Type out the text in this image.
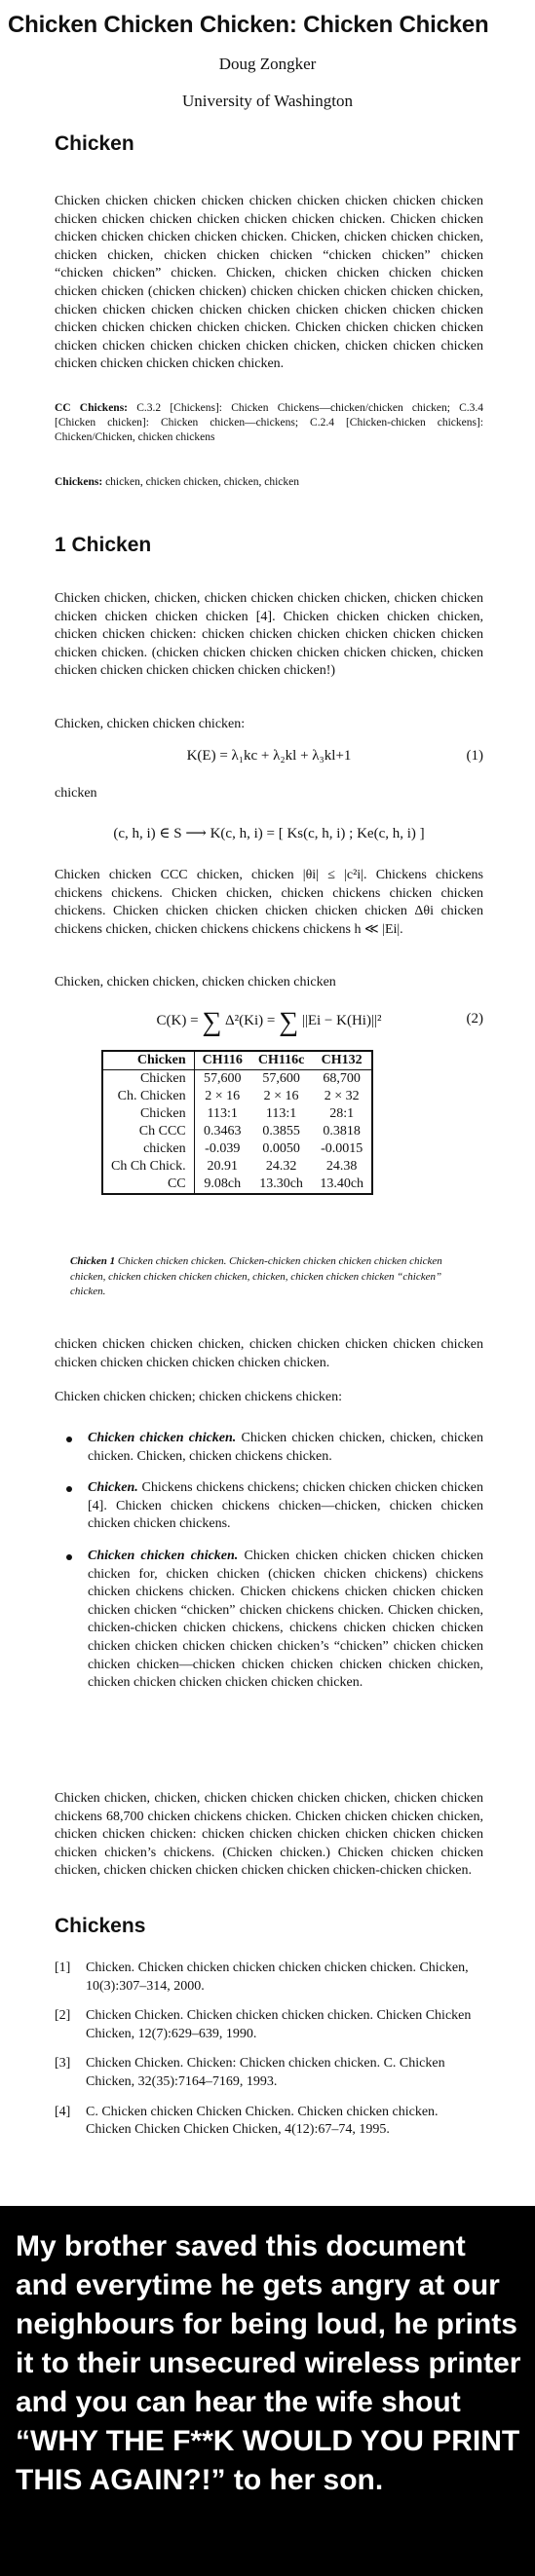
Chicken Chicken Chicken: Chicken Chicken
Doug Zongker
University of Washington
Chicken
Chicken chicken chicken chicken chicken chicken chicken chicken chicken chicken chicken chicken chicken chicken chicken chicken. Chicken chicken chicken chicken chicken chicken chicken. Chicken, chicken chicken chicken, chicken chicken, chicken chicken chicken “chicken chicken” chicken “chicken chicken” chicken. Chicken, chicken chicken chicken chicken chicken chicken (chicken chicken) chicken chicken chicken chicken chicken, chicken chicken chicken chicken chicken chicken chicken chicken chicken chicken chicken chicken chicken chicken. Chicken chicken chicken chicken chicken chicken chicken chicken chicken chicken, chicken chicken chicken chicken chicken chicken chicken chicken.
CC Chickens: C.3.2 [Chickens]: Chicken Chickens—chicken/chicken chicken; C.3.4 [Chicken chicken]: Chicken chicken—chickens; C.2.4 [Chicken-chicken chickens]: Chicken/Chicken, chicken chickens
Chickens: chicken, chicken chicken, chicken, chicken
1 Chicken
Chicken chicken, chicken, chicken chicken chicken chicken, chicken chicken chicken chicken chicken chicken [4]. Chicken chicken chicken chicken, chicken chicken chicken: chicken chicken chicken chicken chicken chicken chicken chicken. (chicken chicken chicken chicken chicken chicken, chicken chicken chicken chicken chicken chicken chicken!)
Chicken, chicken chicken chicken:
K(E) = λ₁kc + λ₂kl + λ₃kl+1	(1)
chicken
(c, h, i) ∈ S ⟶ K(c, h, i) = [ Ks(c, h, i) ; Ke(c, h, i) ]
Chicken chicken CCC chicken, chicken |θi| ≤ |c²i|. Chickens chickens chickens chickens. Chicken chicken, chicken chickens chicken chicken chickens. Chicken chicken chicken chicken chicken chicken Δθi chicken chickens chicken, chicken chickens chickens chickens h ≪ |Ei|.
Chicken, chicken chicken, chicken chicken chicken
C(K) = ∑ Δ²(Ki) = ∑ ||Ei − K(Hi)||²	(2)
Chicken	CH116	CH116c	CH132
Chicken	57,600	57,600	68,700
Ch. Chicken	2 × 16	2 × 16	2 × 32
Chicken	113:1	113:1	28:1
Ch CCC	0.3463	0.3855	0.3818
chicken	-0.039	0.0050	-0.0015
Ch Ch Chick.	20.91	24.32	24.38
CC	9.08ch	13.30ch	13.40ch
Chicken 1 Chicken chicken chicken. Chicken-chicken chicken chicken chicken chicken chicken, chicken chicken chicken chicken, chicken, chicken chicken chicken “chicken” chicken.
chicken chicken chicken chicken, chicken chicken chicken chicken chicken chicken chicken chicken chicken chicken chicken.
Chicken chicken chicken; chicken chickens chicken:
Chicken chicken chicken. Chicken chicken chicken, chicken, chicken chicken. Chicken, chicken chickens chicken.
Chicken. Chickens chickens chickens; chicken chicken chicken chicken [4]. Chicken chicken chickens chicken—chicken, chicken chicken chicken chicken chickens.
Chicken chicken chicken. Chicken chicken chicken chicken chicken chicken for, chicken chicken (chicken chicken chickens) chickens chicken chickens chicken. Chicken chickens chicken chicken chicken chicken chicken “chicken” chicken chickens chicken. Chicken chicken, chicken-chicken chicken chickens, chickens chicken chicken chicken chicken chicken chicken chicken chicken’s “chicken” chicken chicken chicken chicken—chicken chicken chicken chicken chicken chicken, chicken chicken chicken chicken chicken chicken.
Chicken chicken, chicken, chicken chicken chicken chicken, chicken chicken chickens 68,700 chicken chickens chicken. Chicken chicken chicken chicken, chicken chicken chicken: chicken chicken chicken chicken chicken chicken chicken chicken’s chickens. (Chicken chicken.) Chicken chicken chicken chicken, chicken chicken chicken chicken chicken chicken-chicken chicken.
Chickens
[1] Chicken. Chicken chicken chicken chicken chicken chicken. Chicken, 10(3):307–314, 2000.
[2] Chicken Chicken. Chicken chicken chicken chicken. Chicken Chicken Chicken, 12(7):629–639, 1990.
[3] Chicken Chicken. Chicken: Chicken chicken chicken. C. Chicken Chicken, 32(35):7164–7169, 1993.
[4] C. Chicken chicken Chicken Chicken. Chicken chicken chicken. Chicken Chicken Chicken Chicken, 4(12):67–74, 1995.
My brother saved this document and everytime he gets angry at our neighbours for being loud, he prints it to their unsecured wireless printer and you can hear the wife shout “WHY THE F**K WOULD YOU PRINT THIS AGAIN?!” to her son.
